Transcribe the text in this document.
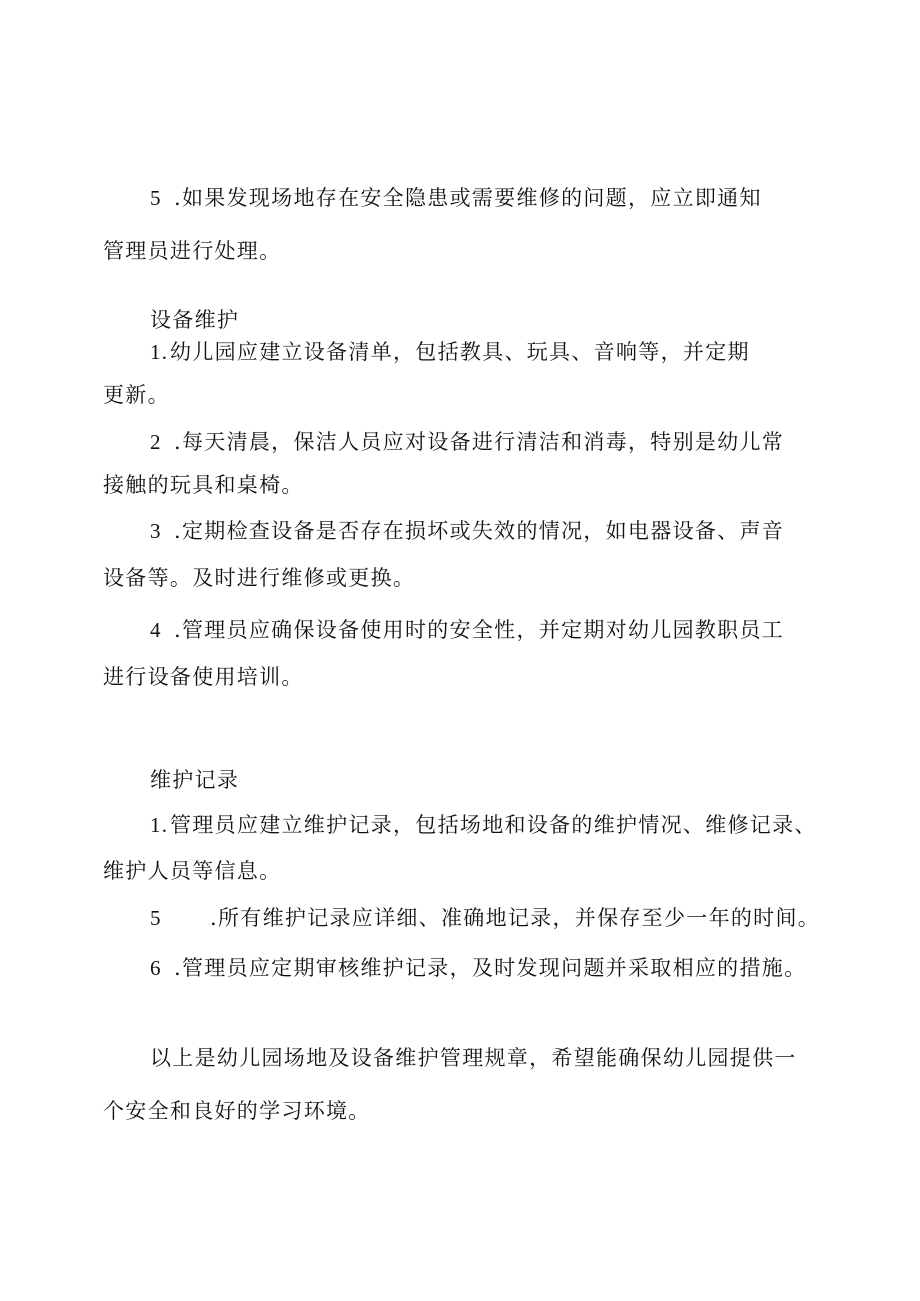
5 .如果发现场地存在安全隐患或需要维修的问题，应立即通知
管理员进行处理。
设备维护
1.幼儿园应建立设备清单，包括教具、玩具、音响等，并定期
更新。
2 .每天清晨，保洁人员应对设备进行清洁和消毒，特别是幼儿常
接触的玩具和桌椅。
3 .定期检查设备是否存在损坏或失效的情况，如电器设备、声音
设备等。及时进行维修或更换。
4 .管理员应确保设备使用时的安全性，并定期对幼儿园教职员工
进行设备使用培训。
维护记录
1.管理员应建立维护记录，包括场地和设备的维护情况、维修记录、
维护人员等信息。
5 .所有维护记录应详细、准确地记录，并保存至少一年的时间。
6 .管理员应定期审核维护记录，及时发现问题并采取相应的措施。
以上是幼儿园场地及设备维护管理规章，希望能确保幼儿园提供一
个安全和良好的学习环境。
